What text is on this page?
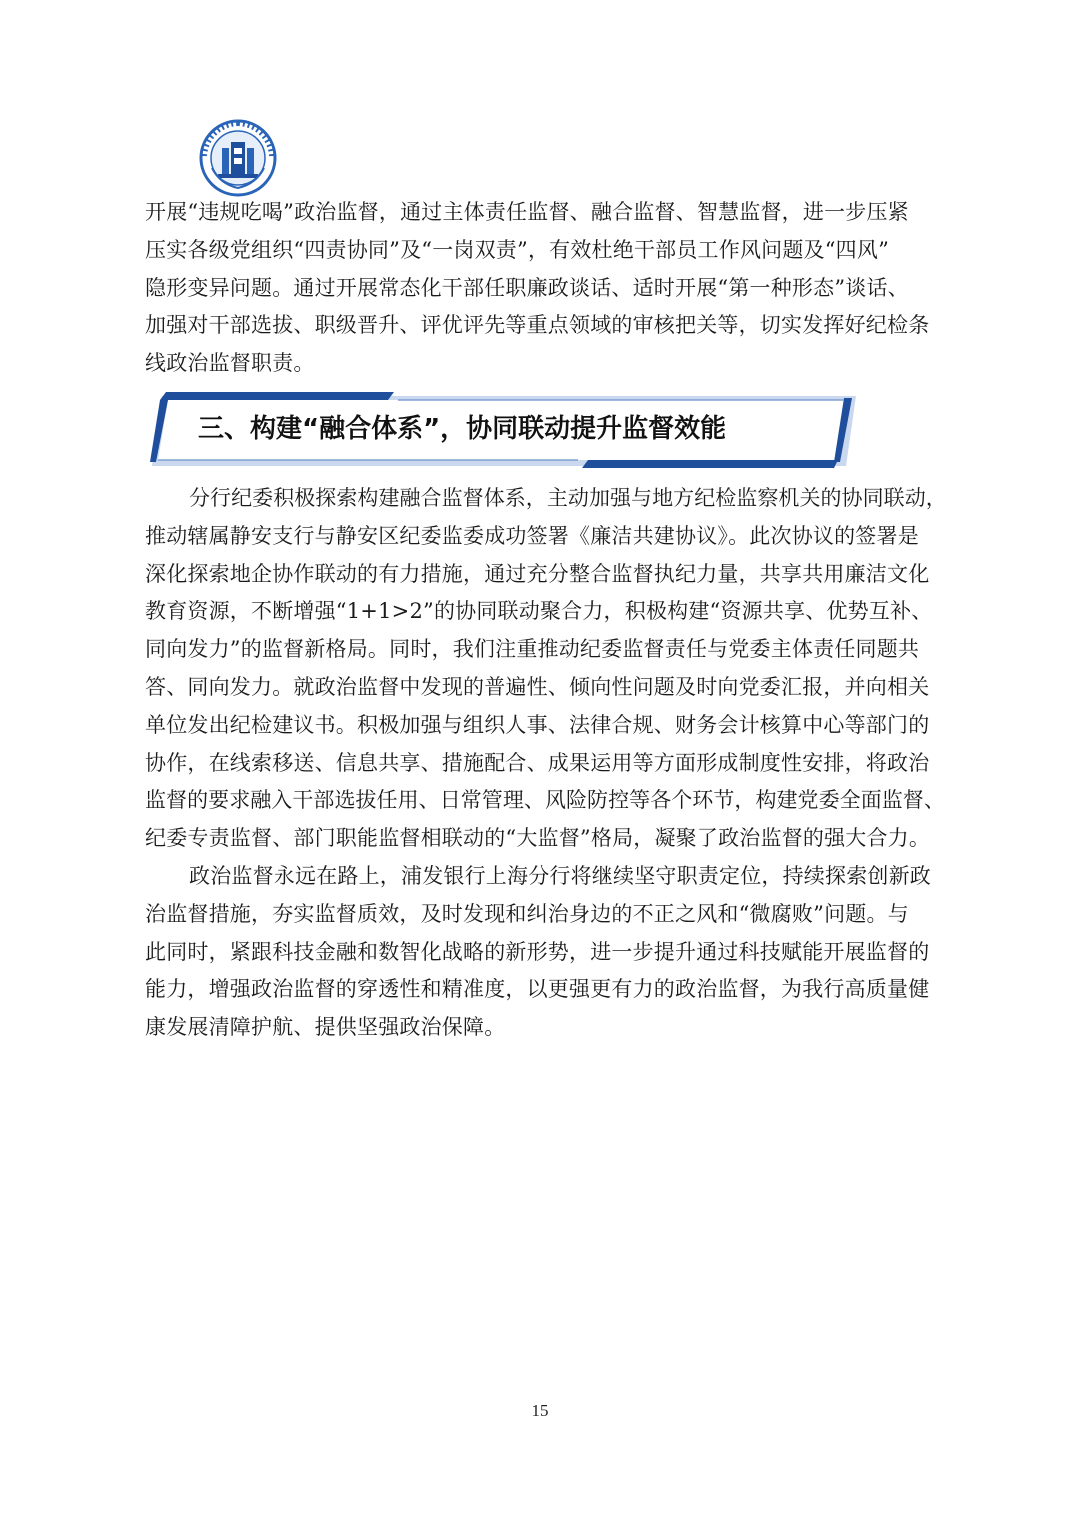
开展“违规吃喝”政治监督，通过主体责任监督、融合监督、智慧监督，进一步压紧
压实各级党组织“四责协同”及“一岗双责”，有效杜绝干部员工作风问题及“四风”
隐形变异问题。通过开展常态化干部任职廉政谈话、适时开展“第一种形态”谈话、
加强对干部选拔、职级晋升、评优评先等重点领域的审核把关等，切实发挥好纪检条
线政治监督职责。

三、构建“融合体系”，协同联动提升监督效能

分行纪委积极探索构建融合监督体系，主动加强与地方纪检监察机关的协同联动，
推动辖属静安支行与静安区纪委监委成功签署《廉洁共建协议》。此次协议的签署是
深化探索地企协作联动的有力措施，通过充分整合监督执纪力量，共享共用廉洁文化
教育资源，不断增强“1+1>2”的协同联动聚合力，积极构建“资源共享、优势互补、
同向发力”的监督新格局。同时，我们注重推动纪委监督责任与党委主体责任同题共
答、同向发力。就政治监督中发现的普遍性、倾向性问题及时向党委汇报，并向相关
单位发出纪检建议书。积极加强与组织人事、法律合规、财务会计核算中心等部门的
协作，在线索移送、信息共享、措施配合、成果运用等方面形成制度性安排，将政治
监督的要求融入干部选拔任用、日常管理、风险防控等各个环节，构建党委全面监督、
纪委专责监督、部门职能监督相联动的“大监督”格局，凝聚了政治监督的强大合力。

政治监督永远在路上，浦发银行上海分行将继续坚守职责定位，持续探索创新政
治监督措施，夯实监督质效，及时发现和纠治身边的不正之风和“微腐败”问题。与
此同时，紧跟科技金融和数智化战略的新形势，进一步提升通过科技赋能开展监督的
能力，增强政治监督的穿透性和精准度，以更强更有力的政治监督，为我行高质量健
康发展清障护航、提供坚强政治保障。

15
